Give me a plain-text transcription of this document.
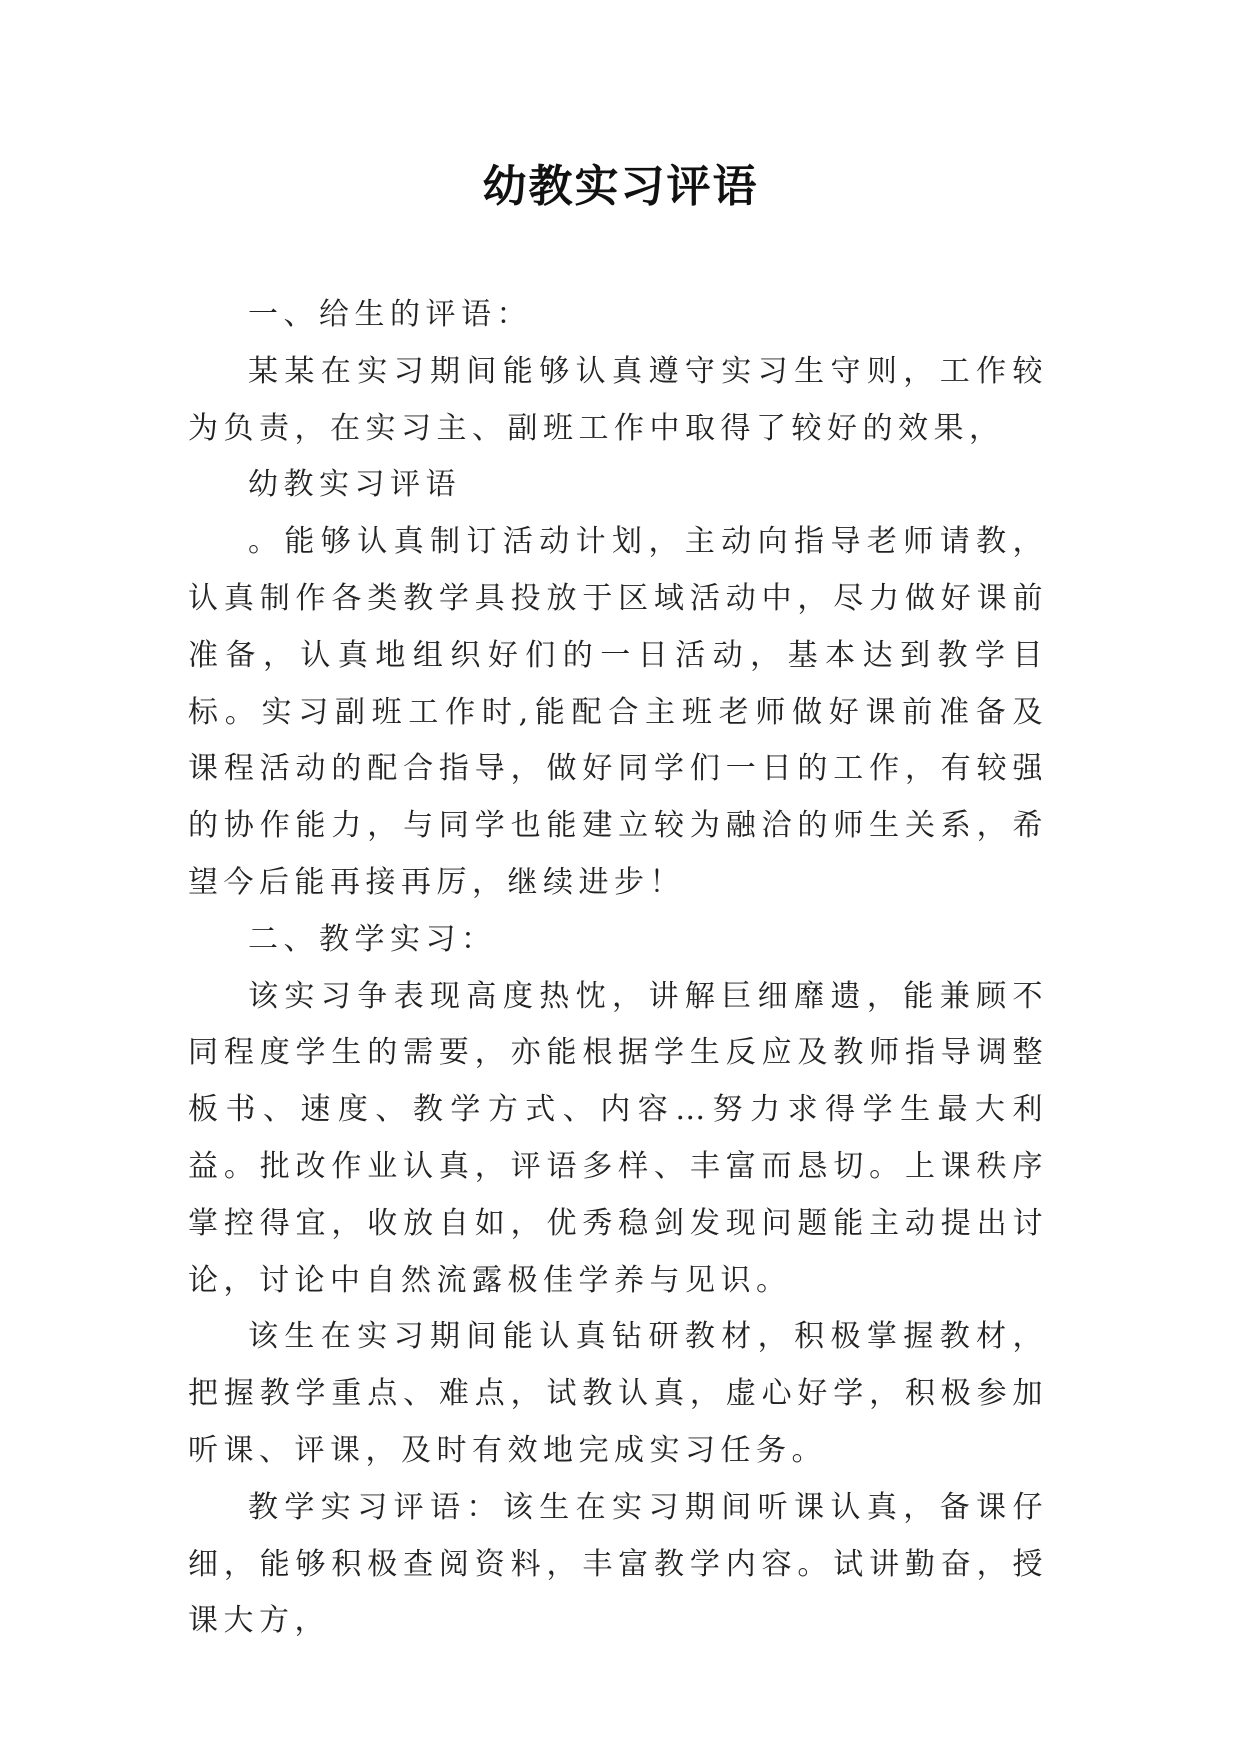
幼教实习评语

一、给生的评语：

某某在实习期间能够认真遵守实习生守则，工作较为负责，在实习主、副班工作中取得了较好的效果，

幼教实习评语

。能够认真制订活动计划，主动向指导老师请教，认真制作各类教学具投放于区域活动中，尽力做好课前准备，认真地组织好们的一日活动，基本达到教学目标。实习副班工作时,能配合主班老师做好课前准备及课程活动的配合指导，做好同学们一日的工作，有较强的协作能力，与同学也能建立较为融洽的师生关系，希望今后能再接再厉，继续进步！

二、教学实习：

该实习争表现高度热忱，讲解巨细靡遗，能兼顾不同程度学生的需要，亦能根据学生反应及教师指导调整板书、速度、教学方式、内容…努力求得学生最大利益。批改作业认真，评语多样、丰富而恳切。上课秩序掌控得宜，收放自如，优秀稳剑发现问题能主动提出讨论，讨论中自然流露极佳学养与见识。

该生在实习期间能认真钻研教材，积极掌握教材，把握教学重点、难点，试教认真，虚心好学，积极参加听课、评课，及时有效地完成实习任务。

教学实习评语：该生在实习期间听课认真，备课仔细，能够积极查阅资料，丰富教学内容。试讲勤奋，授课大方，
